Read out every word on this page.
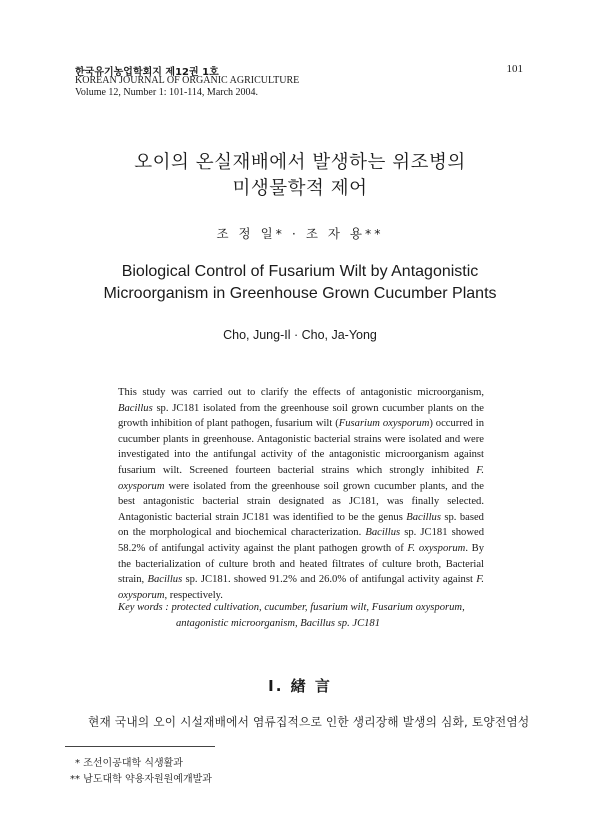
한국유기농업학회지 제12권 1호
KOREAN JOURNAL OF ORGANIC AGRICULTURE
Volume 12, Number 1: 101-114, March 2004.
101
오이의 온실재배에서 발생하는 위조병의
미생물학적 제어
조 정 일* · 조 자 용**
Biological Control of Fusarium Wilt by Antagonistic
Microorganism in Greenhouse Grown Cucumber Plants
Cho, Jung-Il · Cho, Ja-Yong

This study was carried out to clarify the effects of antagonistic microorganism, Bacillus sp. JC181 isolated from the greenhouse soil grown cucumber plants on the growth inhibition of plant pathogen, fusarium wilt (Fusarium oxysporum) occurred in cucumber plants in greenhouse. Antagonistic bacterial strains were isolated and were investigated into the antifungal activity of the antagonistic microorganism against fusarium wilt. Screened fourteen bacterial strains which strongly inhibited F. oxysporum were isolated from the greenhouse soil grown cucumber plants, and the best antagonistic bacterial strain designated as JC181, was finally selected. Antagonistic bacterial strain JC181 was identified to be the genus Bacillus sp. based on the morphological and biochemical characterization. Bacillus sp. JC181 showed 58.2% of antifungal activity against the plant pathogen growth of F. oxysporum. By the bacterialization of culture broth and heated filtrates of culture broth, Bacterial strain, Bacillus sp. JC181. showed 91.2% and 26.0% of antifungal activity against F. oxysporum, respectively.

Key words : protected cultivation, cucumber, fusarium wilt, Fusarium oxysporum,
antagonistic microorganism, Bacillus sp. JC181
I. 緖 言
현재 국내의 오이 시설재배에서 염류집적으로 인한 생리장해 발생의 심화, 토양전염성
* 조선이공대학 식생활과
** 남도대학 약용자원원예개발과
